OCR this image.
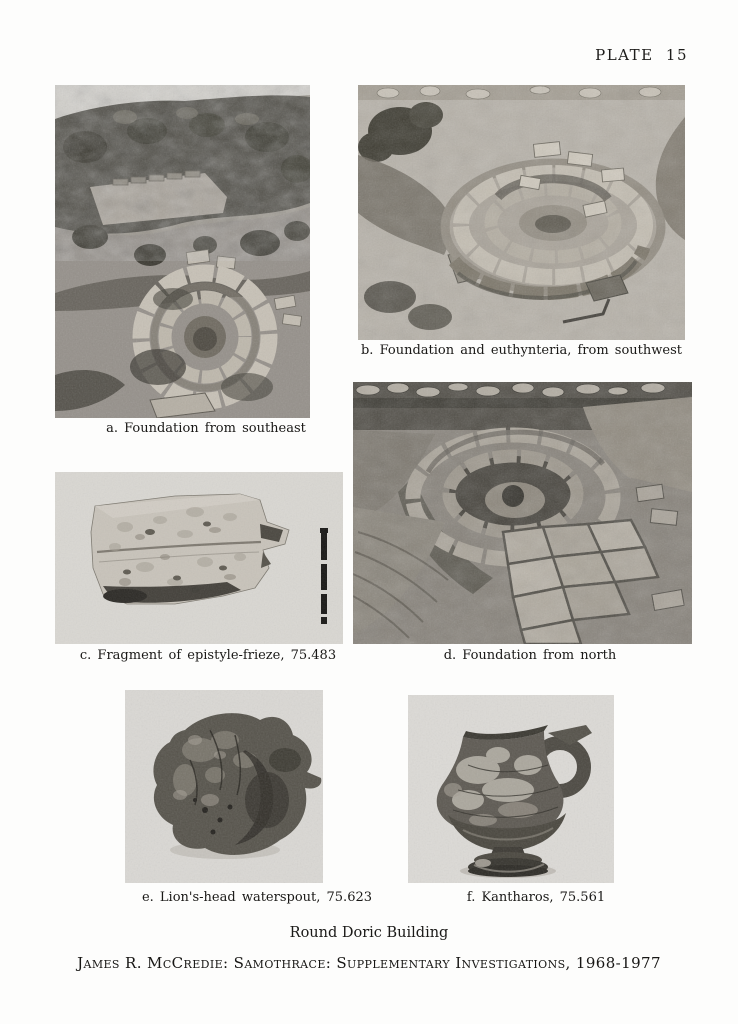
PLATE 15
a. Foundation from southeast
b. Foundation and euthynteria, from southwest
c. Fragment of epistyle-frieze, 75.483	d. Foundation from north
e. Lion's-head waterspout, 75.623	f. Kantharos, 75.561
Round Doric Building
James R. McCredie: Samothrace: Supplementary Investigations, 1968-1977
